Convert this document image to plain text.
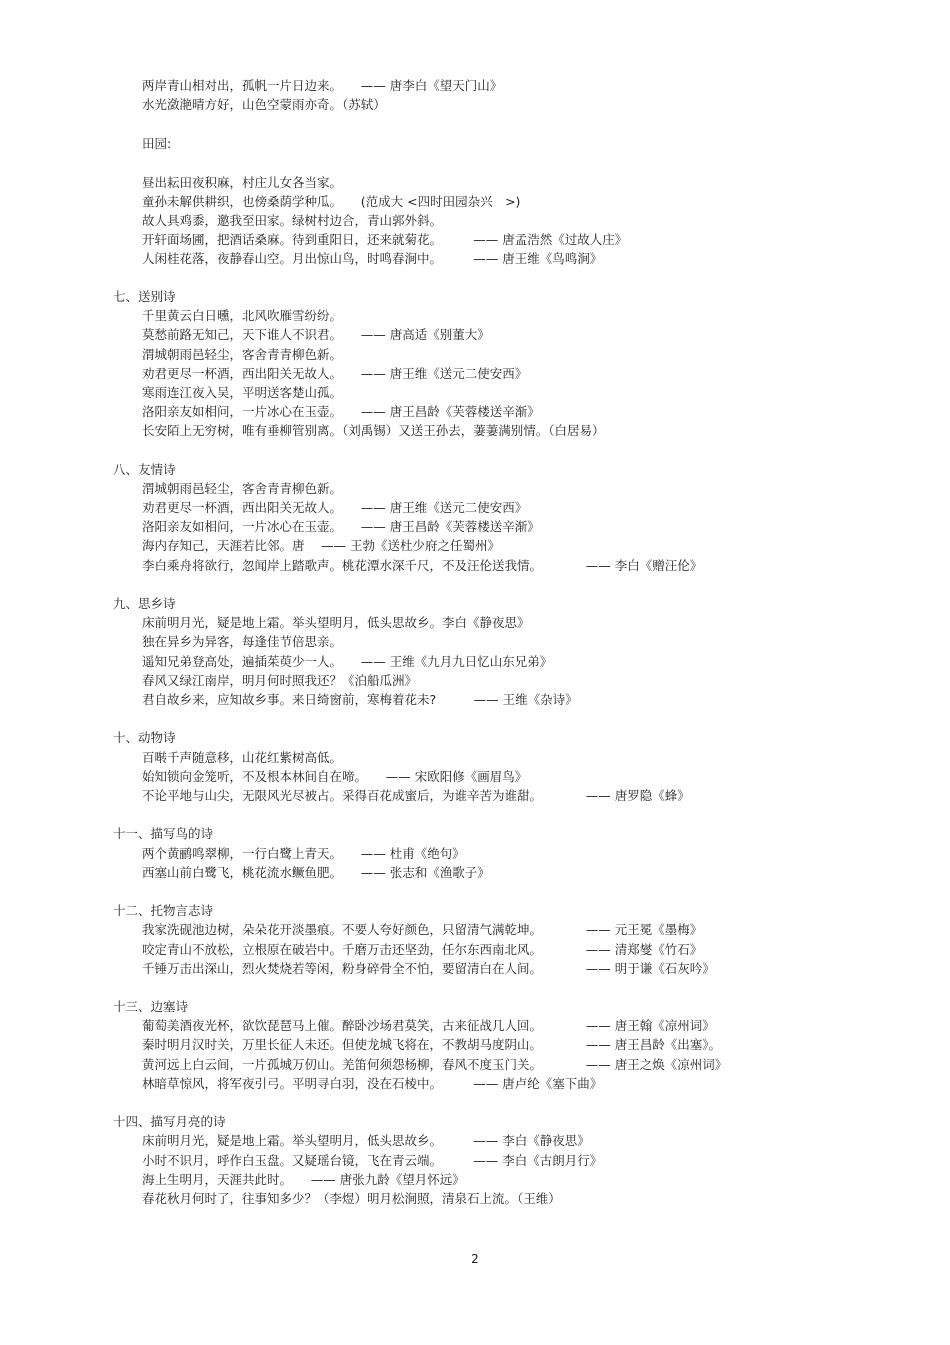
两岸青山相对出，孤帆一片日边来。　　—— 唐李白《望天门山》
水光潋滟晴方好，山色空蒙雨亦奇。（苏轼）
田园:
昼出耘田夜积麻，村庄儿女各当家。
童孙未解供耕织，也傍桑荫学种瓜。　　(范成大 <四时田园杂兴　>)
故人具鸡黍，邀我至田家。绿树村边合，青山郭外斜。
开轩面场圃，把酒话桑麻。待到重阳日，还来就菊花。　　　—— 唐孟浩然《过故人庄》
人闲桂花落，夜静春山空。月出惊山鸟，时鸣春涧中。　　　—— 唐王维《鸟鸣涧》
七、送别诗
千里黄云白日曛，北风吹雁雪纷纷。
莫愁前路无知己，天下谁人不识君。　　—— 唐高适《别董大》
渭城朝雨邑轻尘，客舍青青柳色新。
劝君更尽一杯酒，西出阳关无故人。　　—— 唐王维《送元二使安西》
寒雨连江夜入吴，平明送客楚山孤。
洛阳亲友如相问，一片冰心在玉壶。　　—— 唐王昌龄《芙蓉楼送辛渐》
长安陌上无穷树，唯有垂柳管别离。（刘禹锡）又送王孙去，萋萋满别情。（白居易）
八、友情诗
渭城朝雨邑轻尘，客舍青青柳色新。
劝君更尽一杯酒，西出阳关无故人。　　—— 唐王维《送元二使安西》
洛阳亲友如相问，一片冰心在玉壶。　　—— 唐王昌龄《芙蓉楼送辛渐》
海内存知己，天涯若比邻。唐　 —— 王勃《送杜少府之任蜀州》
李白乘舟将欲行，忽闻岸上踏歌声。桃花潭水深千尺，不及汪伦送我情。　　　　—— 李白《赠汪伦》
九、思乡诗
床前明月光，疑是地上霜。举头望明月，低头思故乡。李白《静夜思》
独在异乡为异客，每逢佳节倍思亲。
遥知兄弟登高处，遍插茱萸少一人。　　—— 王维《九月九日忆山东兄弟》
春风又绿江南岸，明月何时照我还？《泊船瓜洲》
君自故乡来，应知故乡事。来日绮窗前，寒梅着花未?　　　—— 王维《杂诗》
十、动物诗
百啭千声随意移，山花红紫树高低。
始知锁向金笼听，不及根本林间自在啼。　　—— 宋欧阳修《画眉鸟》
不论平地与山尖，无限风光尽被占。采得百花成蜜后，为谁辛苦为谁甜。　　　　—— 唐罗隐《蜂》
十一、描写鸟的诗
两个黄鹂鸣翠柳，一行白鹭上青天。　　—— 杜甫《绝句》
西塞山前白鹭飞，桃花流水鳜鱼肥。　　—— 张志和《渔歌子》
十二、托物言志诗
我家洗砚池边树，朵朵花开淡墨痕。不要人夸好颜色，只留清气满乾坤。　　　　—— 元王冕《墨梅》
咬定青山不放松，立根原在破岩中。千磨万击还坚劲，任尔东西南北风。　　　　—— 清郑燮《竹石》
千锤万击出深山，烈火焚烧若等闲，粉身碎骨全不怕，要留清白在人间。　　　　—— 明于谦《石灰吟》
十三、边塞诗
葡萄美酒夜光杯，欲饮琵琶马上催。醉卧沙场君莫笑，古来征战几人回。　　　　—— 唐王翰《凉州词》
秦时明月汉时关，万里长征人未还。但使龙城飞将在，不教胡马度阴山。　　　　—— 唐王昌龄《出塞》。
黄河远上白云间，一片孤城万仞山。羌笛何须怨杨柳，春风不度玉门关。　　　　—— 唐王之焕《凉州词》
林暗草惊风，将军夜引弓。平明寻白羽，没在石棱中。　　　—— 唐卢纶《塞下曲》
十四、描写月亮的诗
床前明月光，疑是地上霜。举头望明月，低头思故乡。　　　—— 李白《静夜思》
小时不识月，呼作白玉盘。又疑瑶台镜，飞在青云端。　　　—— 李白《古朗月行》
海上生明月，天涯共此时。　　—— 唐张九龄《望月怀远》
春花秋月何时了，往事知多少？（李煜）明月松涧照，清泉石上流。（王维）
2
